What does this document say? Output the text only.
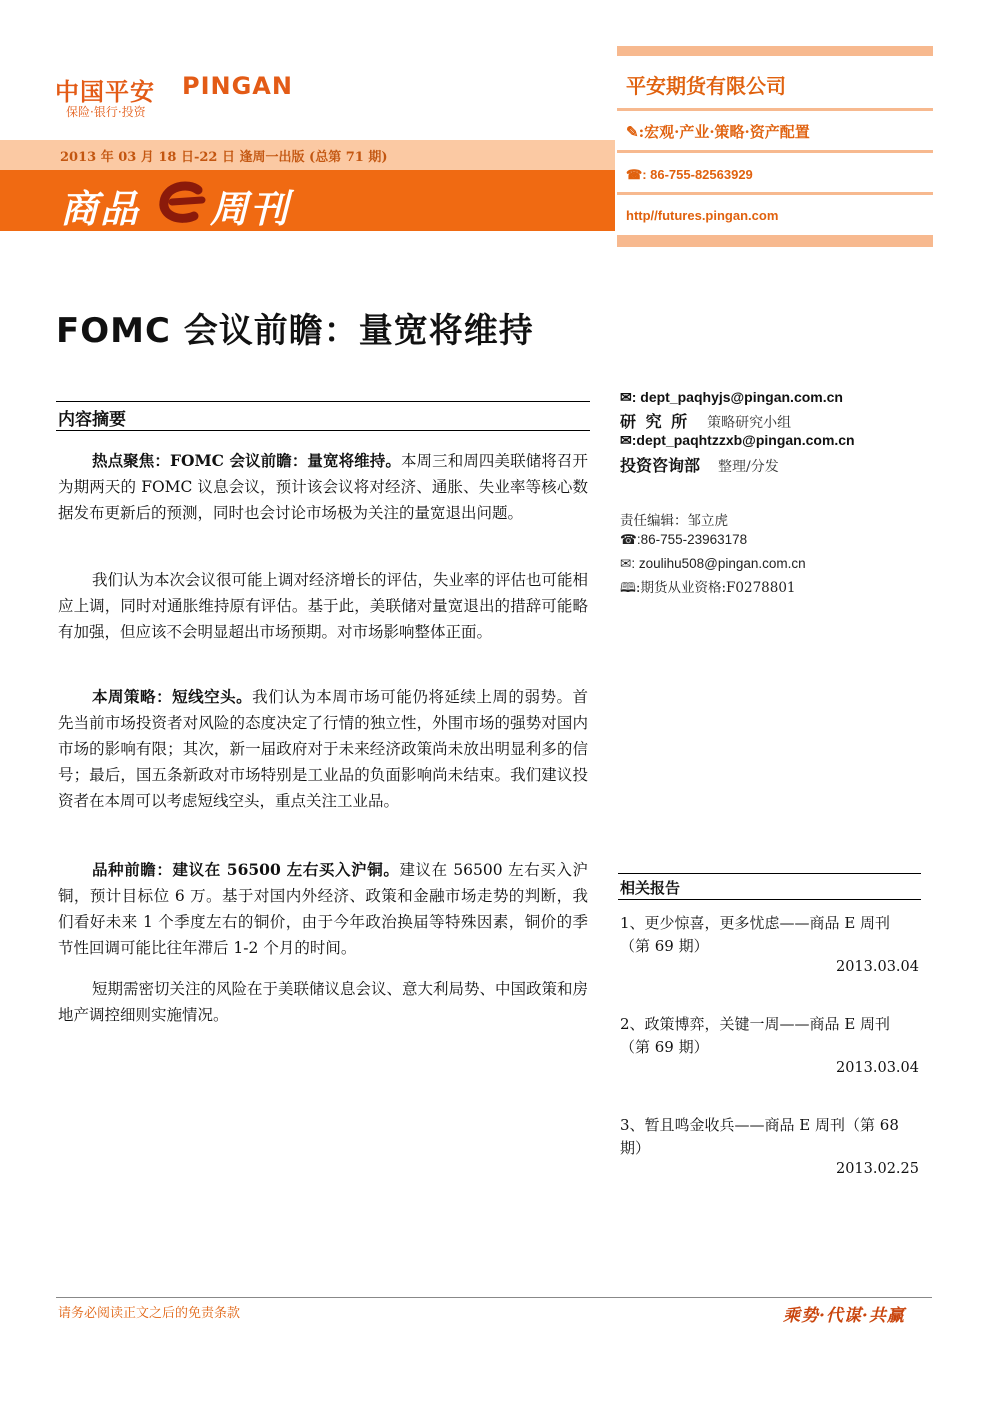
中国平安 PINGAN
保险·银行·投资
2013 年 03 月 18 日-22 日 逢周一出版 (总第 71 期)
商品 周刊
平安期货有限公司
✎:宏观·产业·策略·资产配置
☎: 86-755-82563929
http//futures.pingan.com
FOMC 会议前瞻：量宽将维持
内容摘要
热点聚焦：FOMC 会议前瞻：量宽将维持。本周三和周四美联储将召开为期两天的 FOMC 议息会议，预计该会议将对经济、通胀、失业率等核心数据发布更新后的预测，同时也会讨论市场极为关注的量宽退出问题。
我们认为本次会议很可能上调对经济增长的评估，失业率的评估也可能相应上调，同时对通胀维持原有评估。基于此，美联储对量宽退出的措辞可能略有加强，但应该不会明显超出市场预期。对市场影响整体正面。
本周策略：短线空头。我们认为本周市场可能仍将延续上周的弱势。首先当前市场投资者对风险的态度决定了行情的独立性，外围市场的强势对国内市场的影响有限；其次，新一届政府对于未来经济政策尚未放出明显利多的信号；最后，国五条新政对市场特别是工业品的负面影响尚未结束。我们建议投资者在本周可以考虑短线空头，重点关注工业品。
品种前瞻：建议在 56500 左右买入沪铜。建议在 56500 左右买入沪铜，预计目标位 6 万。基于对国内外经济、政策和金融市场走势的判断，我们看好未来 1 个季度左右的铜价，由于今年政治换届等特殊因素，铜价的季节性回调可能比往年滞后 1-2 个月的时间。
短期需密切关注的风险在于美联储议息会议、意大利局势、中国政策和房地产调控细则实施情况。
✉: dept_paqhyjs@pingan.com.cn
研 究 所 策略研究小组
✉:dept_paqhtzzxb@pingan.com.cn
投资咨询部 整理/分发
责任编辑：邹立虎
☎:86-755-23963178
✉: zoulihu508@pingan.com.cn
🕮:期货从业资格:F0278801
相关报告
1、更少惊喜，更多忧虑——商品 E 周刊（第 69 期）
2013.03.04
2、政策博弈，关键一周——商品 E 周刊（第 69 期）
2013.03.04
3、暂且鸣金收兵——商品 E 周刊（第 68 期）
2013.02.25
请务必阅读正文之后的免责条款	乘势·代谋·共赢
